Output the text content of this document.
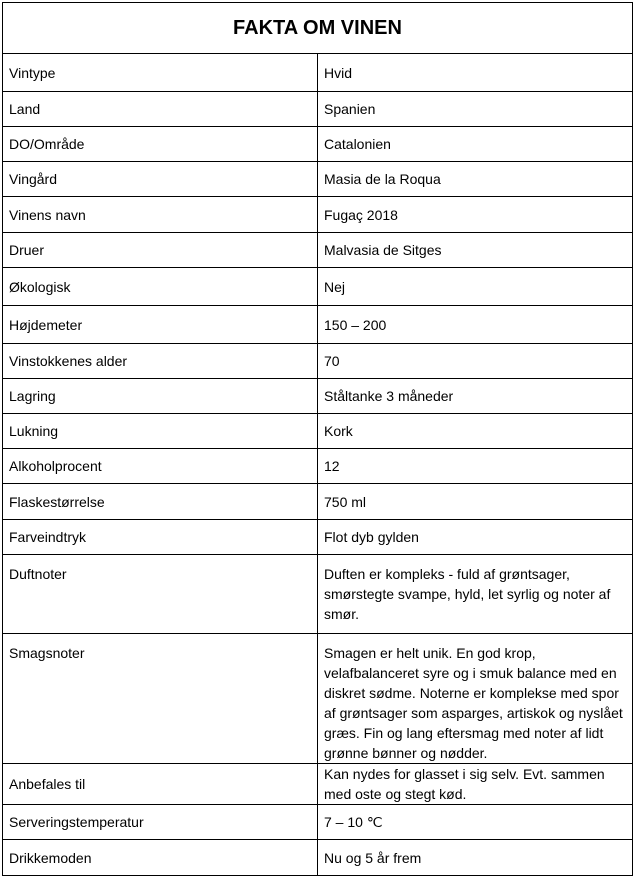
FAKTA OM VINEN	
Vintype	Hvid
Land	Spanien
DO/Område	Catalonien
Vingård	Masia de la Roqua
Vinens navn	Fugaç 2018
Druer	Malvasia de Sitges
Økologisk	Nej
Højdemeter	150 – 200
Vinstokkenes alder	70
Lagring	Ståltanke 3 måneder
Lukning	Kork
Alkoholprocent	12
Flaskestørrelse	750 ml
Farveindtryk	Flot dyb gylden
Duftnoter	Duften er kompleks - fuld af grøntsager, smørstegte svampe, hyld, let syrlig og noter af smør.
Smagsnoter	Smagen er helt unik. En god krop, velafbalanceret syre og i smuk balance med en diskret sødme. Noterne er komplekse med spor af grøntsager som asparges, artiskok og nyslået græs. Fin og lang eftersmag med noter af lidt grønne bønner og nødder.
Anbefales til	Kan nydes for glasset i sig selv. Evt. sammen med oste og stegt kød.
Serveringstemperatur	7 – 10 ℃
Drikkemoden	Nu og 5 år frem
